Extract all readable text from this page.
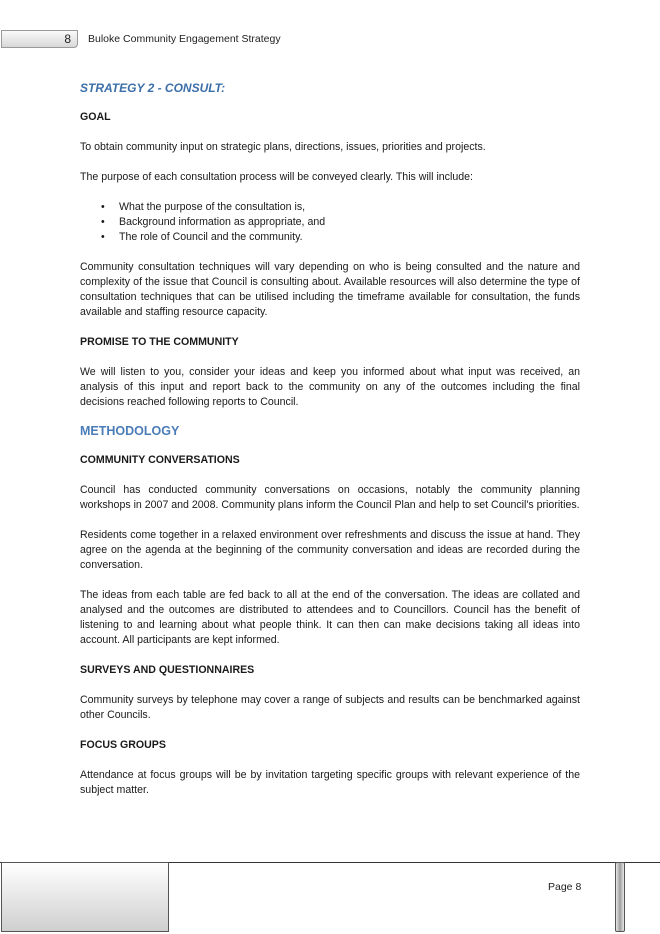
8	Buloke Community Engagement Strategy
STRATEGY 2 - CONSULT:
GOAL

To obtain community input on strategic plans, directions, issues, priorities and projects.

The purpose of each consultation process will be conveyed clearly. This will include:

• What the purpose of the consultation is,
• Background information as appropriate, and
• The role of Council and the community.

Community consultation techniques will vary depending on who is being consulted and the nature and complexity of the issue that Council is consulting about. Available resources will also determine the type of consultation techniques that can be utilised including the timeframe available for consultation, the funds available and staffing resource capacity.

PROMISE TO THE COMMUNITY

We will listen to you, consider your ideas and keep you informed about what input was received, an analysis of this input and report back to the community on any of the outcomes including the final decisions reached following reports to Council.

METHODOLOGY
COMMUNITY CONVERSATIONS

Council has conducted community conversations on occasions, notably the community planning workshops in 2007 and 2008. Community plans inform the Council Plan and help to set Council's priorities.

Residents come together in a relaxed environment over refreshments and discuss the issue at hand. They agree on the agenda at the beginning of the community conversation and ideas are recorded during the conversation.

The ideas from each table are fed back to all at the end of the conversation. The ideas are collated and analysed and the outcomes are distributed to attendees and to Councillors. Council has the benefit of listening to and learning about what people think. It can then can make decisions taking all ideas into account. All participants are kept informed.

SURVEYS AND QUESTIONNAIRES

Community surveys by telephone may cover a range of subjects and results can be benchmarked against other Councils.

FOCUS GROUPS

Attendance at focus groups will be by invitation targeting specific groups with relevant experience of the subject matter.

Page 8
